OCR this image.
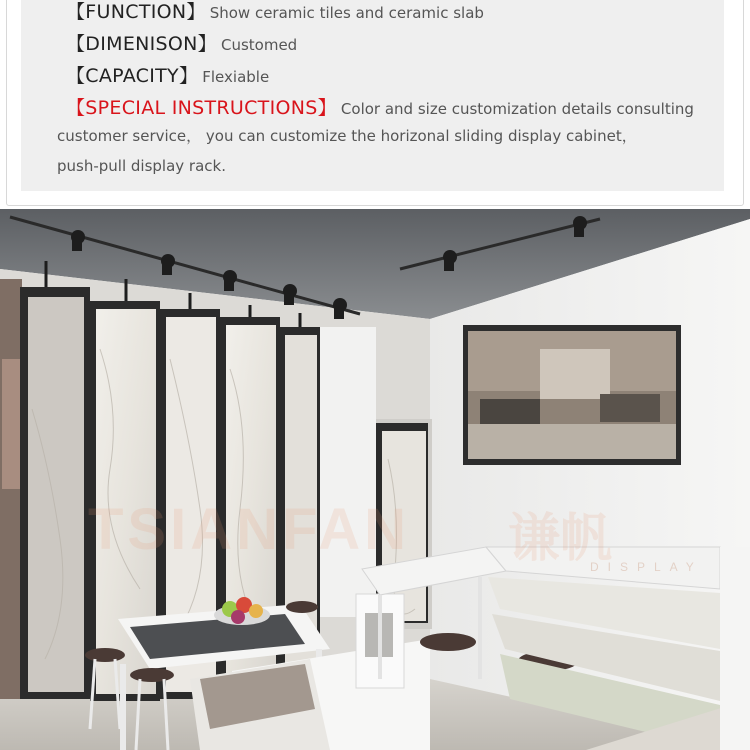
【FUNCTION】 Show ceramic tiles and ceramic slab
【DIMENISON】 Customed
【CAPACITY】 Flexiable
【SPECIAL INSTRUCTIONS】 Color and size customization details consulting
customer service， you can customize the horizonal sliding display cabinet，
push-pull display rack.
TSIANFAN 谦帆
DISPLAY
